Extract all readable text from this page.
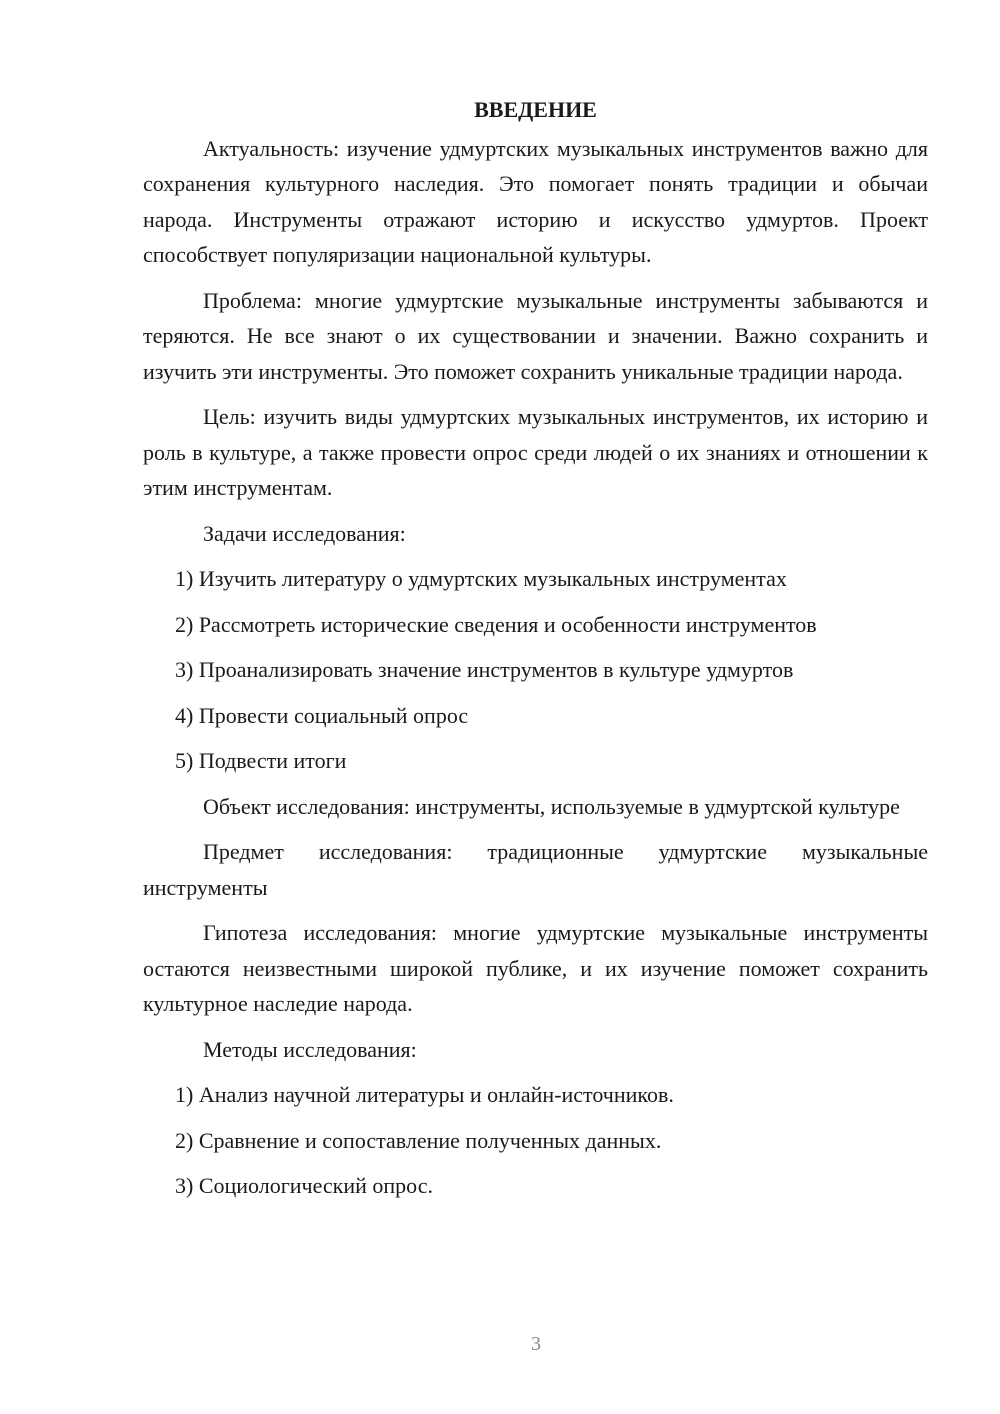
ВВЕДЕНИЕ

Актуальность: изучение удмуртских музыкальных инструментов важно для сохранения культурного наследия. Это помогает понять традиции и обычаи народа. Инструменты отражают историю и искусство удмуртов. Проект способствует популяризации национальной культуры.

Проблема: многие удмуртские музыкальные инструменты забываются и теряются. Не все знают о их существовании и значении. Важно сохранить и изучить эти инструменты. Это поможет сохранить уникальные традиции народа.

Цель: изучить виды удмуртских музыкальных инструментов, их историю и роль в культуре, а также провести опрос среди людей о их знаниях и отношении к этим инструментам.

Задачи исследования:

1) Изучить литературу о удмуртских музыкальных инструментах
2) Рассмотреть исторические сведения и особенности инструментов
3) Проанализировать значение инструментов в культуре удмуртов
4) Провести социальный опрос
5) Подвести итоги

Объект исследования: инструменты, используемые в удмуртской культуре

Предмет исследования: традиционные удмуртские музыкальные инструменты

Гипотеза исследования: многие удмуртские музыкальные инструменты остаются неизвестными широкой публике, и их изучение поможет сохранить культурное наследие народа.

Методы исследования:

1) Анализ научной литературы и онлайн-источников.
2) Сравнение и сопоставление полученных данных.
3) Социологический опрос.
3
